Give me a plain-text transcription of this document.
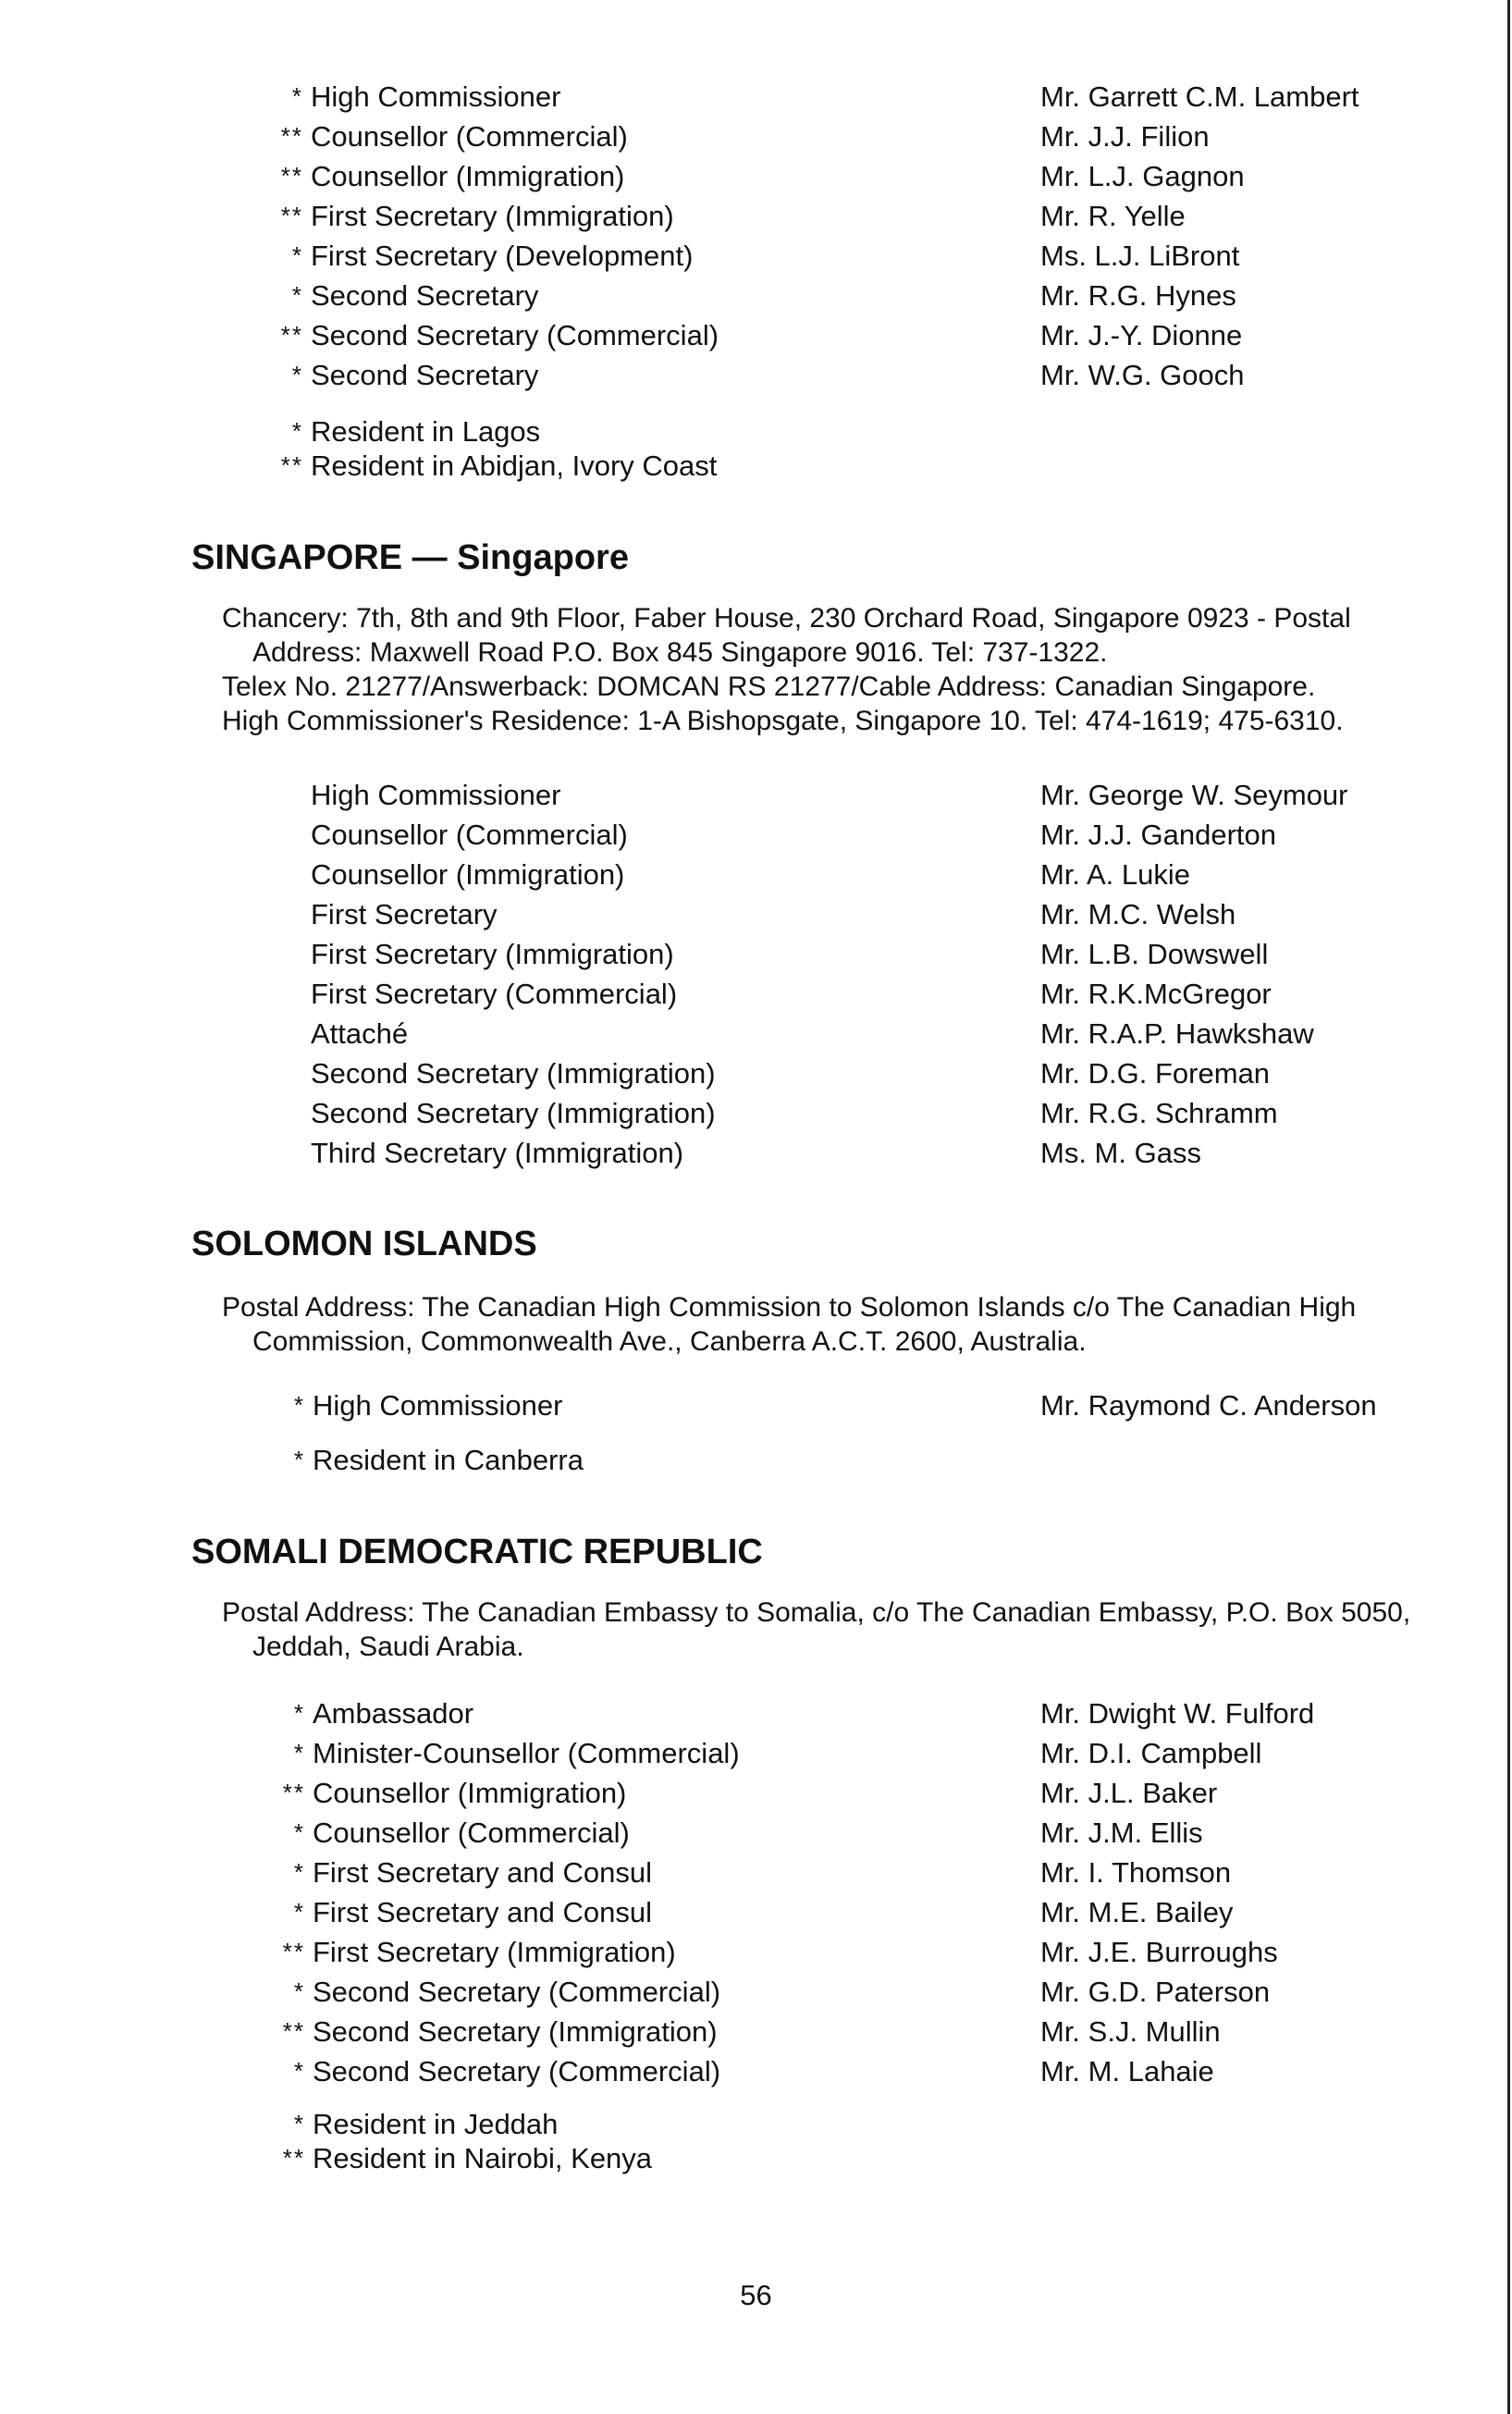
* High Commissioner	Mr. Garrett C.M. Lambert
** Counsellor (Commercial)	Mr. J.J. Filion
** Counsellor (Immigration)	Mr. L.J. Gagnon
** First Secretary (Immigration)	Mr. R. Yelle
* First Secretary (Development)	Ms. L.J. LiBront
* Second Secretary	Mr. R.G. Hynes
** Second Secretary (Commercial)	Mr. J.-Y. Dionne
* Second Secretary	Mr. W.G. Gooch
* Resident in Lagos
** Resident in Abidjan, Ivory Coast
SINGAPORE — Singapore
Chancery: 7th, 8th and 9th Floor, Faber House, 230 Orchard Road, Singapore 0923 - Postal
Address: Maxwell Road P.O. Box 845 Singapore 9016. Tel: 737-1322.
Telex No. 21277/Answerback: DOMCAN RS 21277/Cable Address: Canadian Singapore.
High Commissioner's Residence: 1-A Bishopsgate, Singapore 10. Tel: 474-1619; 475-6310.
High Commissioner	Mr. George W. Seymour
Counsellor (Commercial)	Mr. J.J. Ganderton
Counsellor (Immigration)	Mr. A. Lukie
First Secretary	Mr. M.C. Welsh
First Secretary (Immigration)	Mr. L.B. Dowswell
First Secretary (Commercial)	Mr. R.K.McGregor
Attaché	Mr. R.A.P. Hawkshaw
Second Secretary (Immigration)	Mr. D.G. Foreman
Second Secretary (Immigration)	Mr. R.G. Schramm
Third Secretary (Immigration)	Ms. M. Gass
SOLOMON ISLANDS
Postal Address: The Canadian High Commission to Solomon Islands c/o The Canadian High
Commission, Commonwealth Ave., Canberra A.C.T. 2600, Australia.
* High Commissioner	Mr. Raymond C. Anderson
* Resident in Canberra
SOMALI DEMOCRATIC REPUBLIC
Postal Address: The Canadian Embassy to Somalia, c/o The Canadian Embassy, P.O. Box 5050,
Jeddah, Saudi Arabia.
* Ambassador	Mr. Dwight W. Fulford
* Minister-Counsellor (Commercial)	Mr. D.I. Campbell
** Counsellor (Immigration)	Mr. J.L. Baker
* Counsellor (Commercial)	Mr. J.M. Ellis
* First Secretary and Consul	Mr. I. Thomson
* First Secretary and Consul	Mr. M.E. Bailey
** First Secretary (Immigration)	Mr. J.E. Burroughs
* Second Secretary (Commercial)	Mr. G.D. Paterson
** Second Secretary (Immigration)	Mr. S.J. Mullin
* Second Secretary (Commercial)	Mr. M. Lahaie
* Resident in Jeddah
** Resident in Nairobi, Kenya
56
